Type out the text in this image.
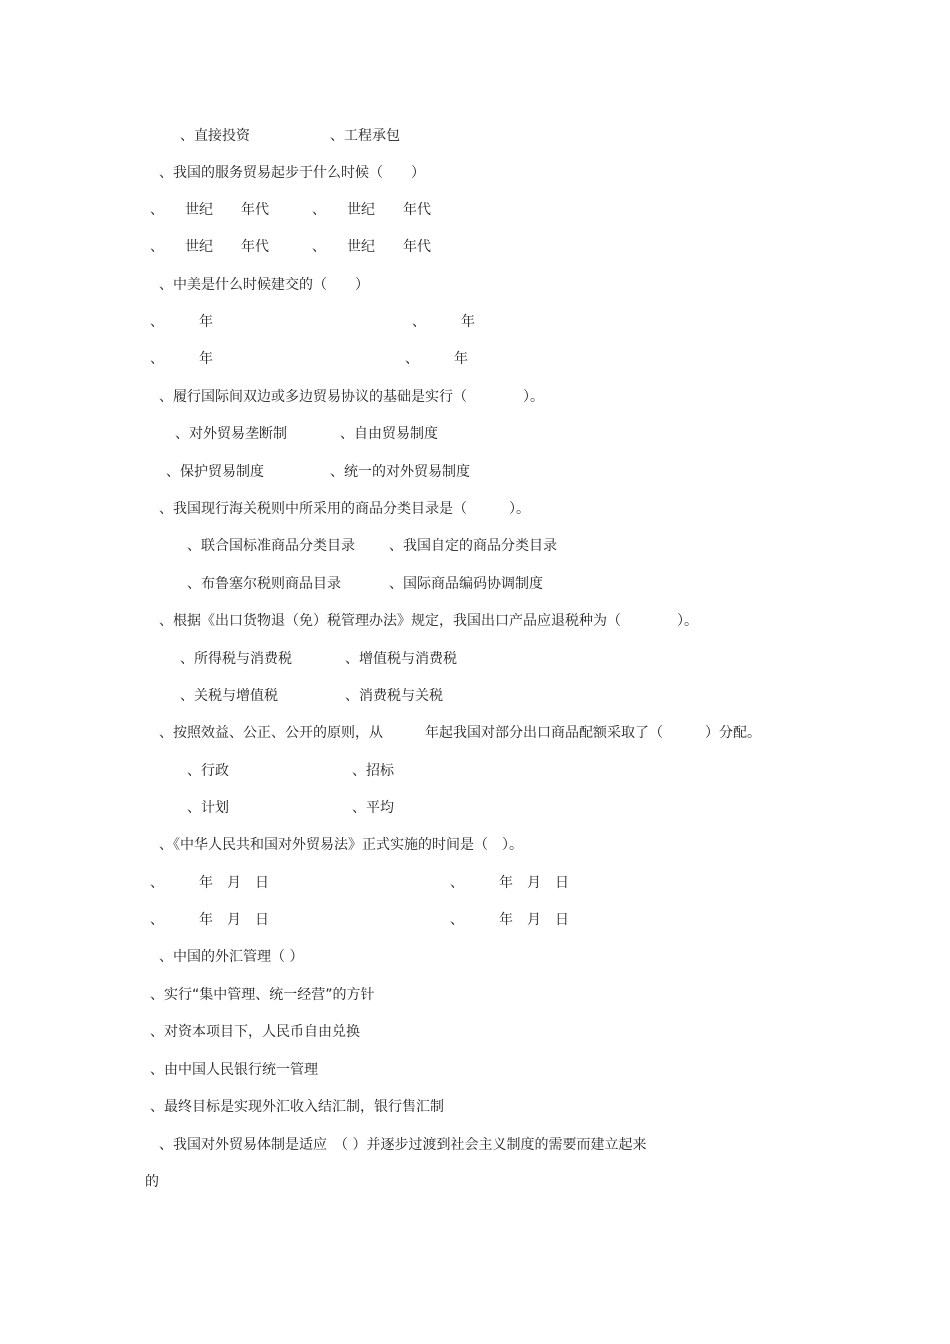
、直接投资	、工程承包
、我国的服务贸易起步于什么时候（　　）
、　　世纪　　年代	、　　世纪　　年代
、　　世纪　　年代	、　　世纪　　年代
、中美是什么时候建交的（　　）
、　　　年	、　　　年
、　　　年	、　　　年
、履行国际间双边或多边贸易协议的基础是实行（　　　　）。
、对外贸易垄断制	、自由贸易制度
、保护贸易制度	、统一的对外贸易制度
、我国现行海关税则中所采用的商品分类目录是（　　　）。
、联合国标准商品分类目录 、我国自定的商品分类目录
、布鲁塞尔税则商品目录	、国际商品编码协调制度
、根据《出口货物退（免）税管理办法》规定，我国出口产品应退税种为（　　　　）。
、所得税与消费税	、增值税与消费税
、关税与增值税	、消费税与关税
、按照效益、公正、公开的原则，从　　　年起我国对部分出口商品配额采取了（　　　）分配。
、行政	、招标
、计划	、平均
、《中华人民共和国对外贸易法》正式实施的时间是（　）。
、　　　年　月　日	、　　　年　月　日
、　　　年　月　日	、　　　年　月　日
、中国的外汇管理（ ）
、实行“集中管理、统一经营”的方针
、对资本项目下，人民币自由兑换
、由中国人民银行统一管理
、最终目标是实现外汇收入结汇制，银行售汇制
、我国对外贸易体制是适应　（ ）并逐步过渡到社会主义制度的需要而建立起来
的
